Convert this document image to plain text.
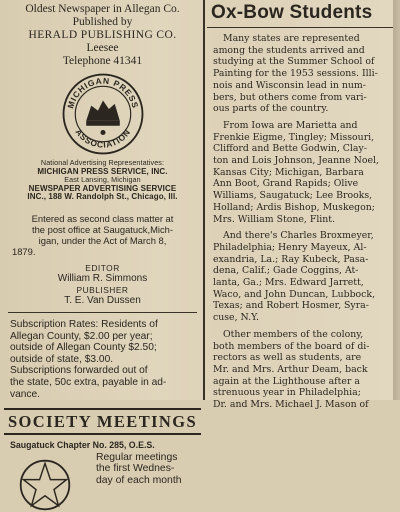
Oldest Newspaper in Allegan Co.

Published by

HERALD PUBLISHING CO.

Leesee

Telephone 41341

MICHIGAN PRESS
ASSOCIATION

National Advertising Representatives:

MICHIGAN PRESS SERVICE, INC.

East Lansing, Michigan

NEWSPAPER ADVERTISING SERVICE

INC., 188 W. Randolph St., Chicago, Ill.

Entered as second class matter at
the post office at Saugatuck,Mich-
igan, under the Act of March 8,
1879.

EDITOR

William R. Simmons

PUBLISHER

T. E. Van Dussen

Subscription Rates: Residents of
Allegan County, $2.00 per year;
outside of Allegan County $2.50;
outside of state, $3.00.
Subscriptions forwarded out of
the state, 50c extra, payable in ad-
vance.

SOCIETY MEETINGS

Saugatuck Chapter No. 285, O.E.S.

Regular meetings
the first Wednes-
day of each month

Ox-Bow Students

Many states are represented
among the students arrived and
studying at the Summer School of
Painting for the 1953 sessions. Illi-
nois and Wisconsin lead in num-
bers, but others come from vari-
ous parts of the country.

From Iowa are Marietta and
Frenkie Eigme, Tingley; Missouri,
Clifford and Bette Godwin, Clay-
ton and Lois Johnson, Jeanne Noel,
Kansas City; Michigan, Barbara
Ann Boot, Grand Rapids; Olive
Williams, Saugatuck; Lee Brooks,
Holland; Ardis Bishop, Muskegon;
Mrs. William Stone, Flint.

And there's Charles Broxmeyer,
Philadelphia; Henry Mayeux, Al-
exandria, La.; Ray Kubeck, Pasa-
dena, Calif.; Gade Coggins, At-
lanta, Ga.; Mrs. Edward Jarrett,
Waco, and John Duncan, Lubbock,
Texas; and Robert Hosmer, Syra-
cuse, N.Y.

Other members of the colony,
both members of the board of di-
rectors as well as students, are
Mr. and Mrs. Arthur Deam, back
again at the Lighthouse after a
strenuous year in Philadelphia;
Dr. and Mrs. Michael J. Mason of
